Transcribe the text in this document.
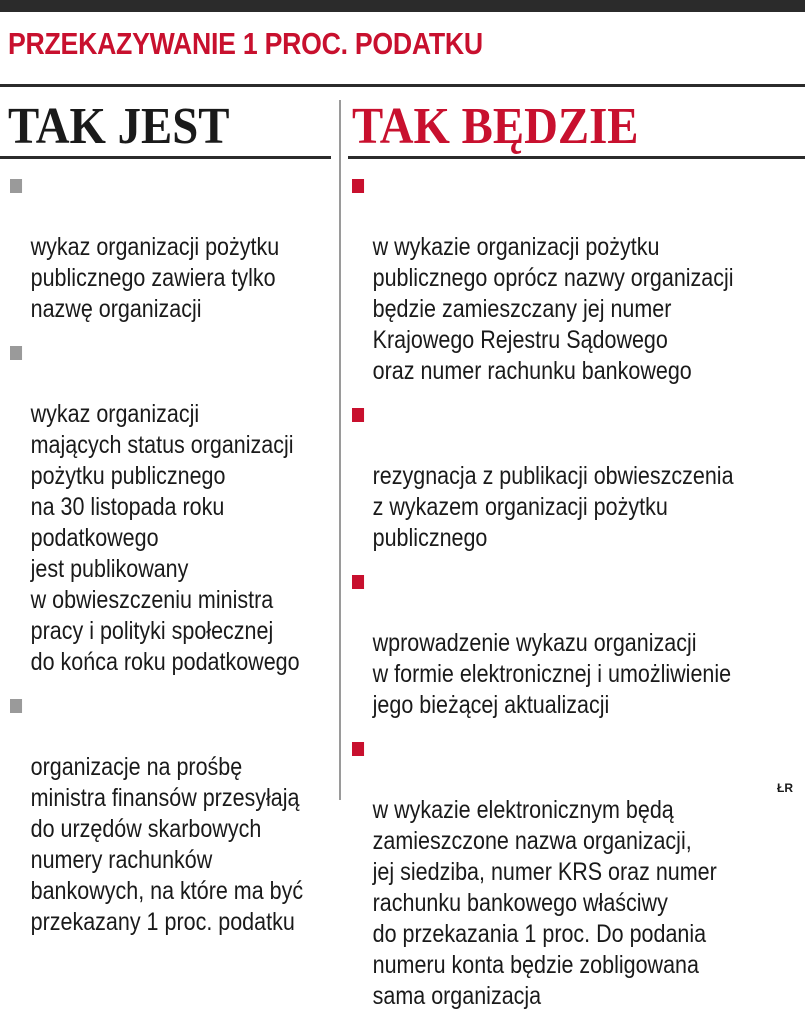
PRZEKAZYWANIE 1 PROC. PODATKU
TAK JEST TAK BĘDZIE

wykaz organizacji pożytku
publicznego zawiera tylko
nazwę organizacji

wykaz organizacji
mających status organizacji
pożytku publicznego
na 30 listopada roku
podatkowego
jest publikowany
w obwieszczeniu ministra
pracy i polityki społecznej
do końca roku podatkowego

organizacje na prośbę
ministra finansów przesyłają
do urzędów skarbowych
numery rachunków
bankowych, na które ma być
przekazany 1 proc. podatku

w wykazie organizacji pożytku
publicznego oprócz nazwy organizacji
będzie zamieszczany jej numer
Krajowego Rejestru Sądowego
oraz numer rachunku bankowego

rezygnacja z publikacji obwieszczenia
z wykazem organizacji pożytku
publicznego

wprowadzenie wykazu organizacji
w formie elektronicznej i umożliwienie
jego bieżącej aktualizacji

w wykazie elektronicznym będą
zamieszczone nazwa organizacji,
jej siedziba, numer KRS oraz numer
rachunku bankowego właściwy
do przekazania 1 proc. Do podania
numeru konta będzie zobligowana
sama organizacja

ŁR
